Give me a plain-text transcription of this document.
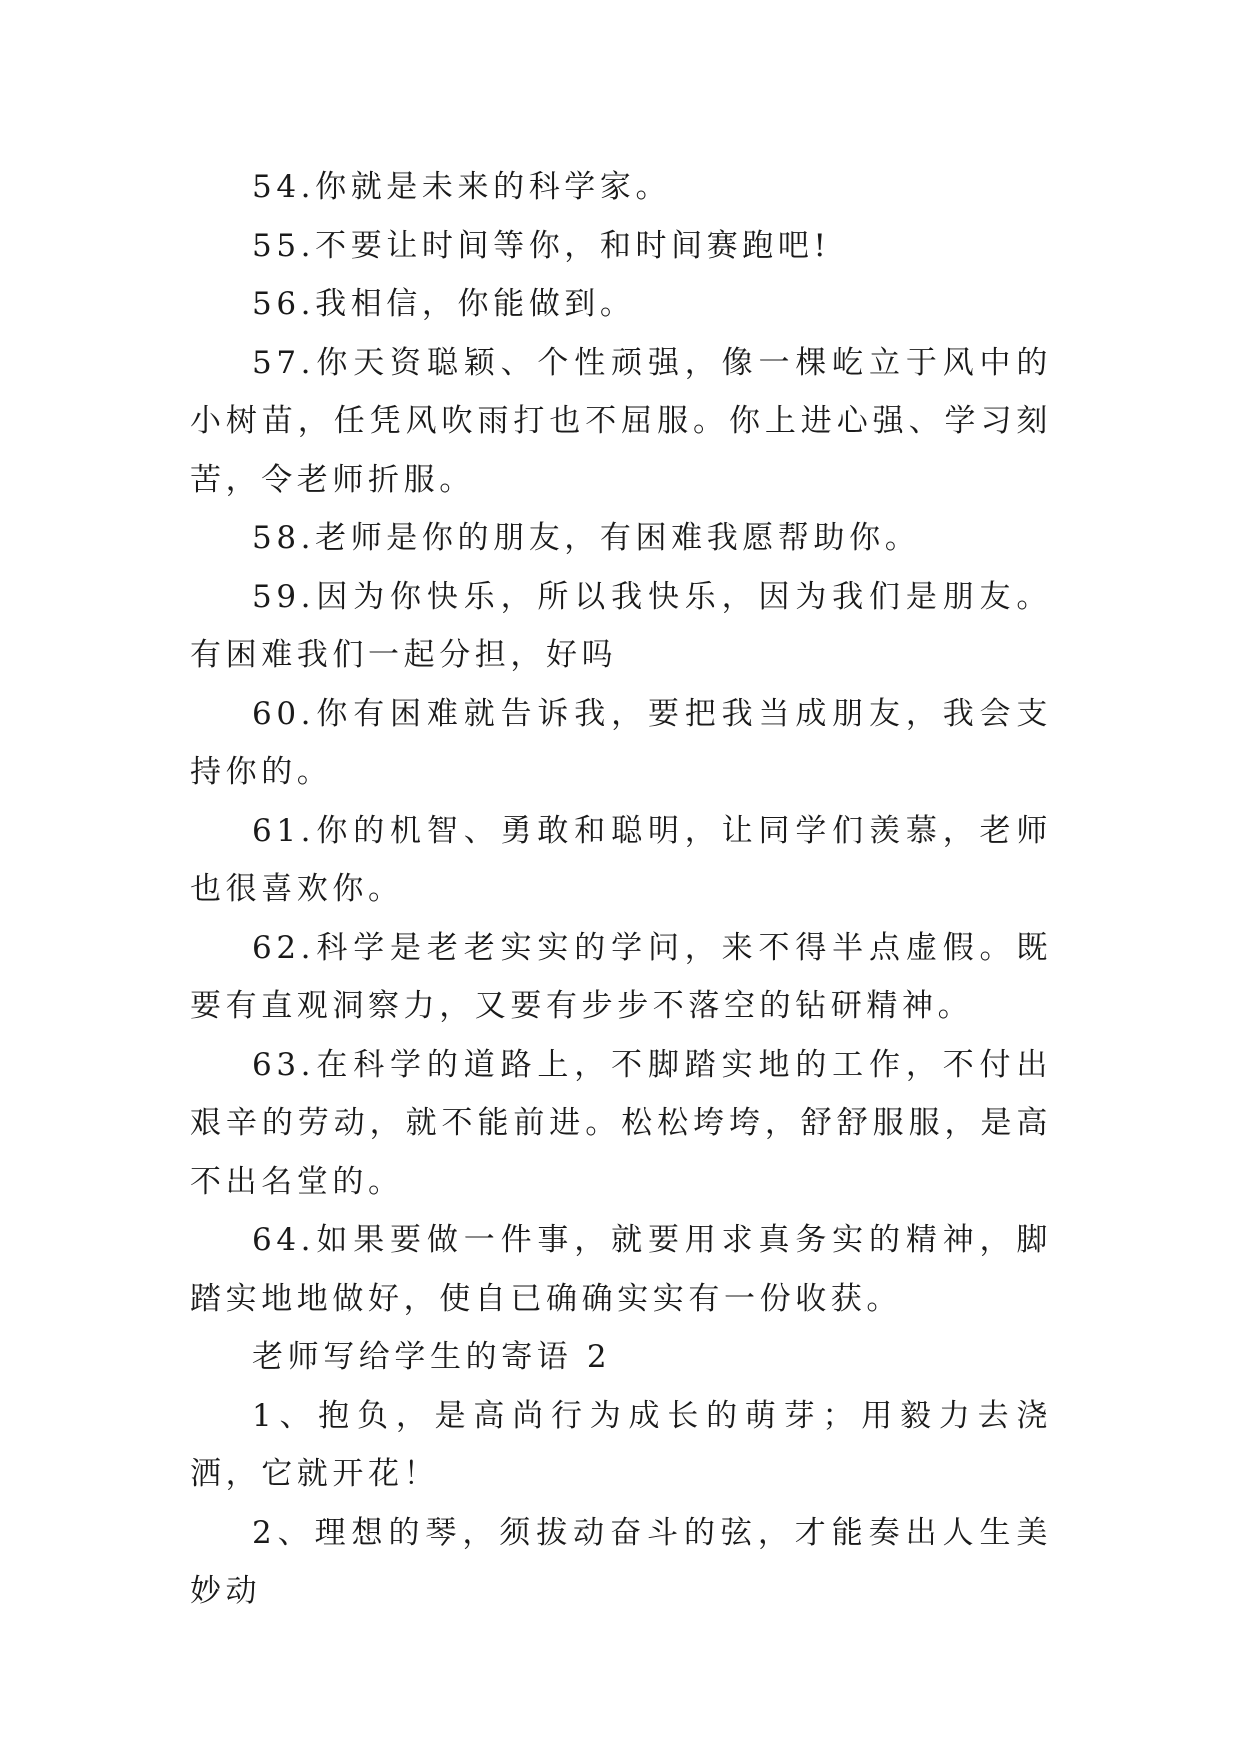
54.你就是未来的科学家。

55.不要让时间等你，和时间赛跑吧!

56.我相信，你能做到。

57.你天资聪颖、个性顽强，像一棵屹立于风中的小树苗，任凭风吹雨打也不屈服。你上进心强、学习刻苦，令老师折服。

58.老师是你的朋友，有困难我愿帮助你。

59.因为你快乐，所以我快乐，因为我们是朋友。有困难我们一起分担，好吗

60.你有困难就告诉我，要把我当成朋友，我会支持你的。

61.你的机智、勇敢和聪明，让同学们羡慕，老师也很喜欢你。

62.科学是老老实实的学问，来不得半点虚假。既要有直观洞察力，又要有步步不落空的钻研精神。

63.在科学的道路上，不脚踏实地的工作，不付出艰辛的劳动，就不能前进。松松垮垮，舒舒服服，是高不出名堂的。

64.如果要做一件事，就要用求真务实的精神，脚踏实地地做好，使自已确确实实有一份收获。

老师写给学生的寄语 2

1、抱负，是高尚行为成长的萌芽；用毅力去浇洒，它就开花！

2、理想的琴，须拔动奋斗的弦，才能奏出人生美妙动
